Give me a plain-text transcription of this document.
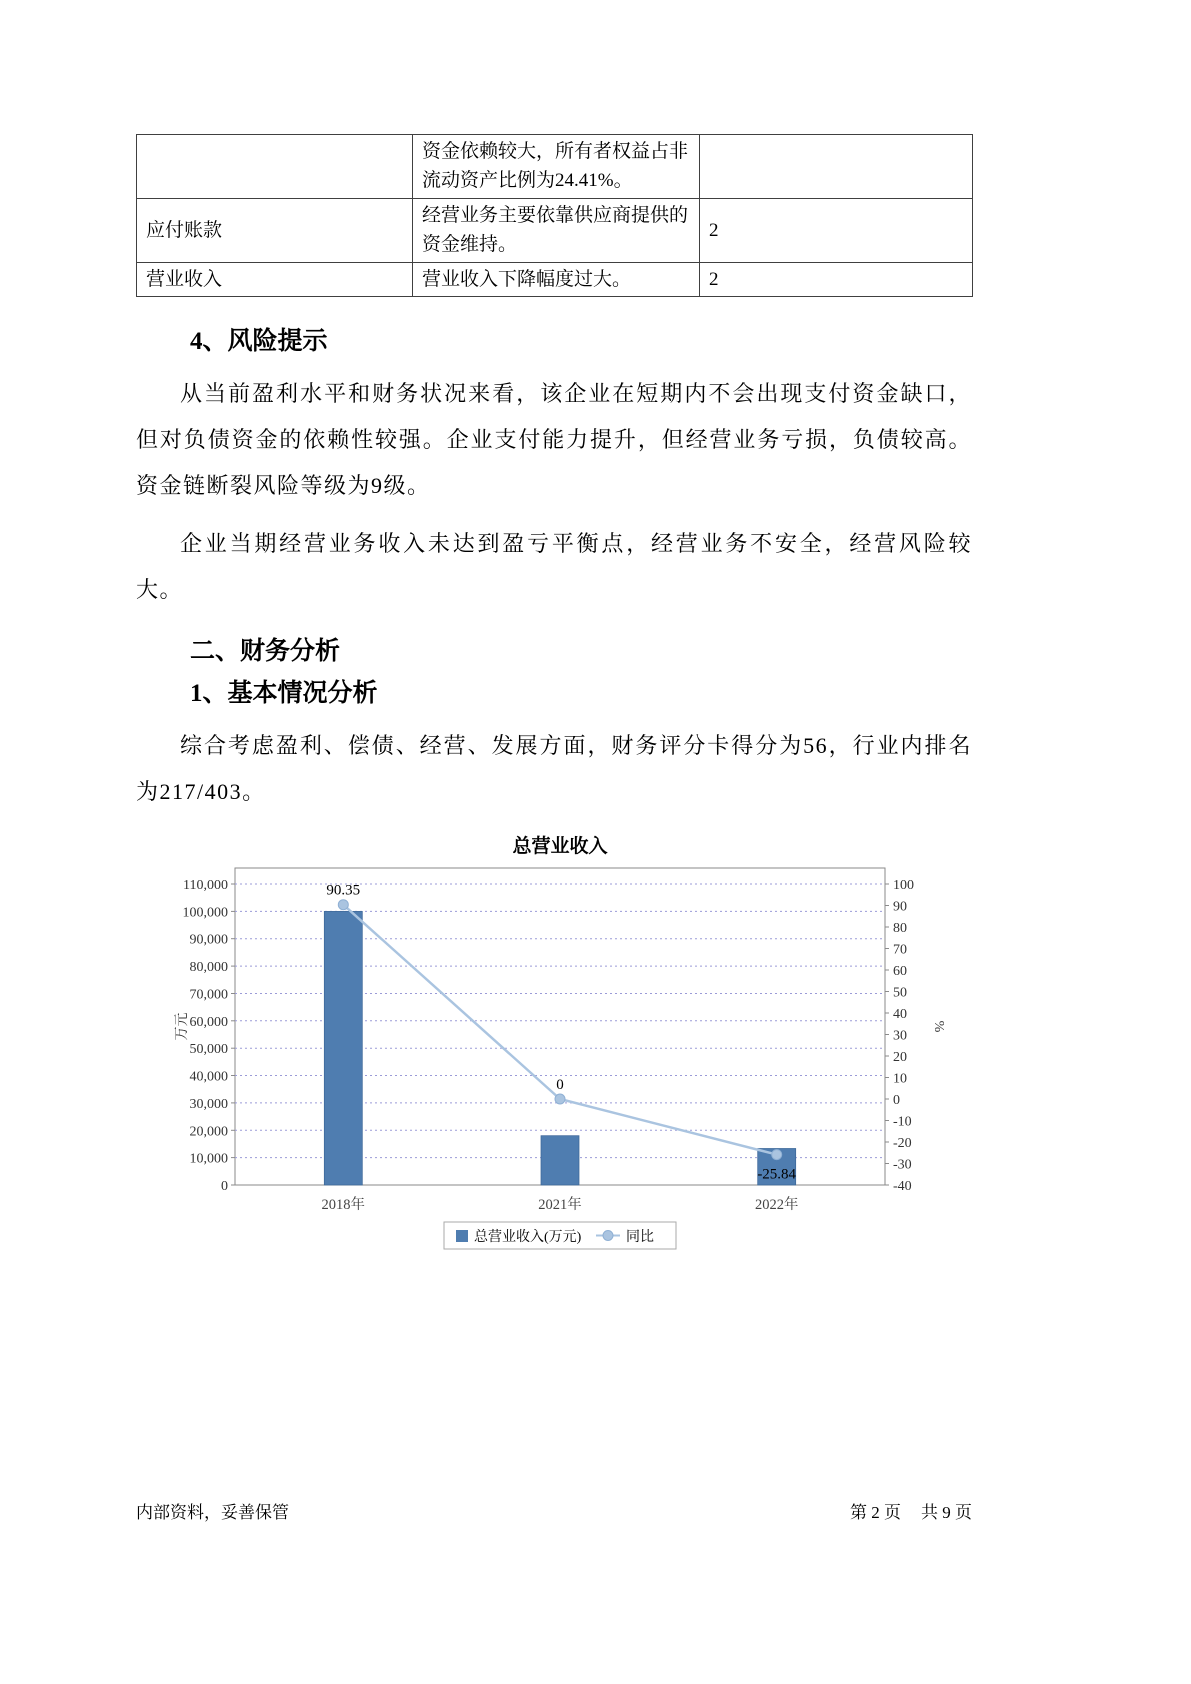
	资金依赖较大，所有者权益占非流动资产比例为24.41%。	
应付账款	经营业务主要依靠供应商提供的资金维持。	2
营业收入	营业收入下降幅度过大。	2
4、风险提示

从当前盈利水平和财务状况来看，该企业在短期内不会出现支付资金缺口，但对负债资金的依赖性较强。企业支付能力提升，但经营业务亏损，负债较高。资金链断裂风险等级为9级。

企业当期经营业务收入未达到盈亏平衡点，经营业务不安全，经营风险较大。

二、财务分析
1、基本情况分析

综合考虑盈利、偿债、经营、发展方面，财务评分卡得分为56，行业内排名为217/403。

总营业收入
0
10,000
20,000
30,000
40,000
50,000
60,000
70,000
80,000
90,000
100,000
110,000
-40
-30
-20
-10
0
10
20
30
40
50
60
70
80
90
100
万元	%
90.35
0
-25.84
2018年	2021年	2022年
总营业收入(万元)	同比
内部资料，妥善保管	第 2 页 共 9 页
